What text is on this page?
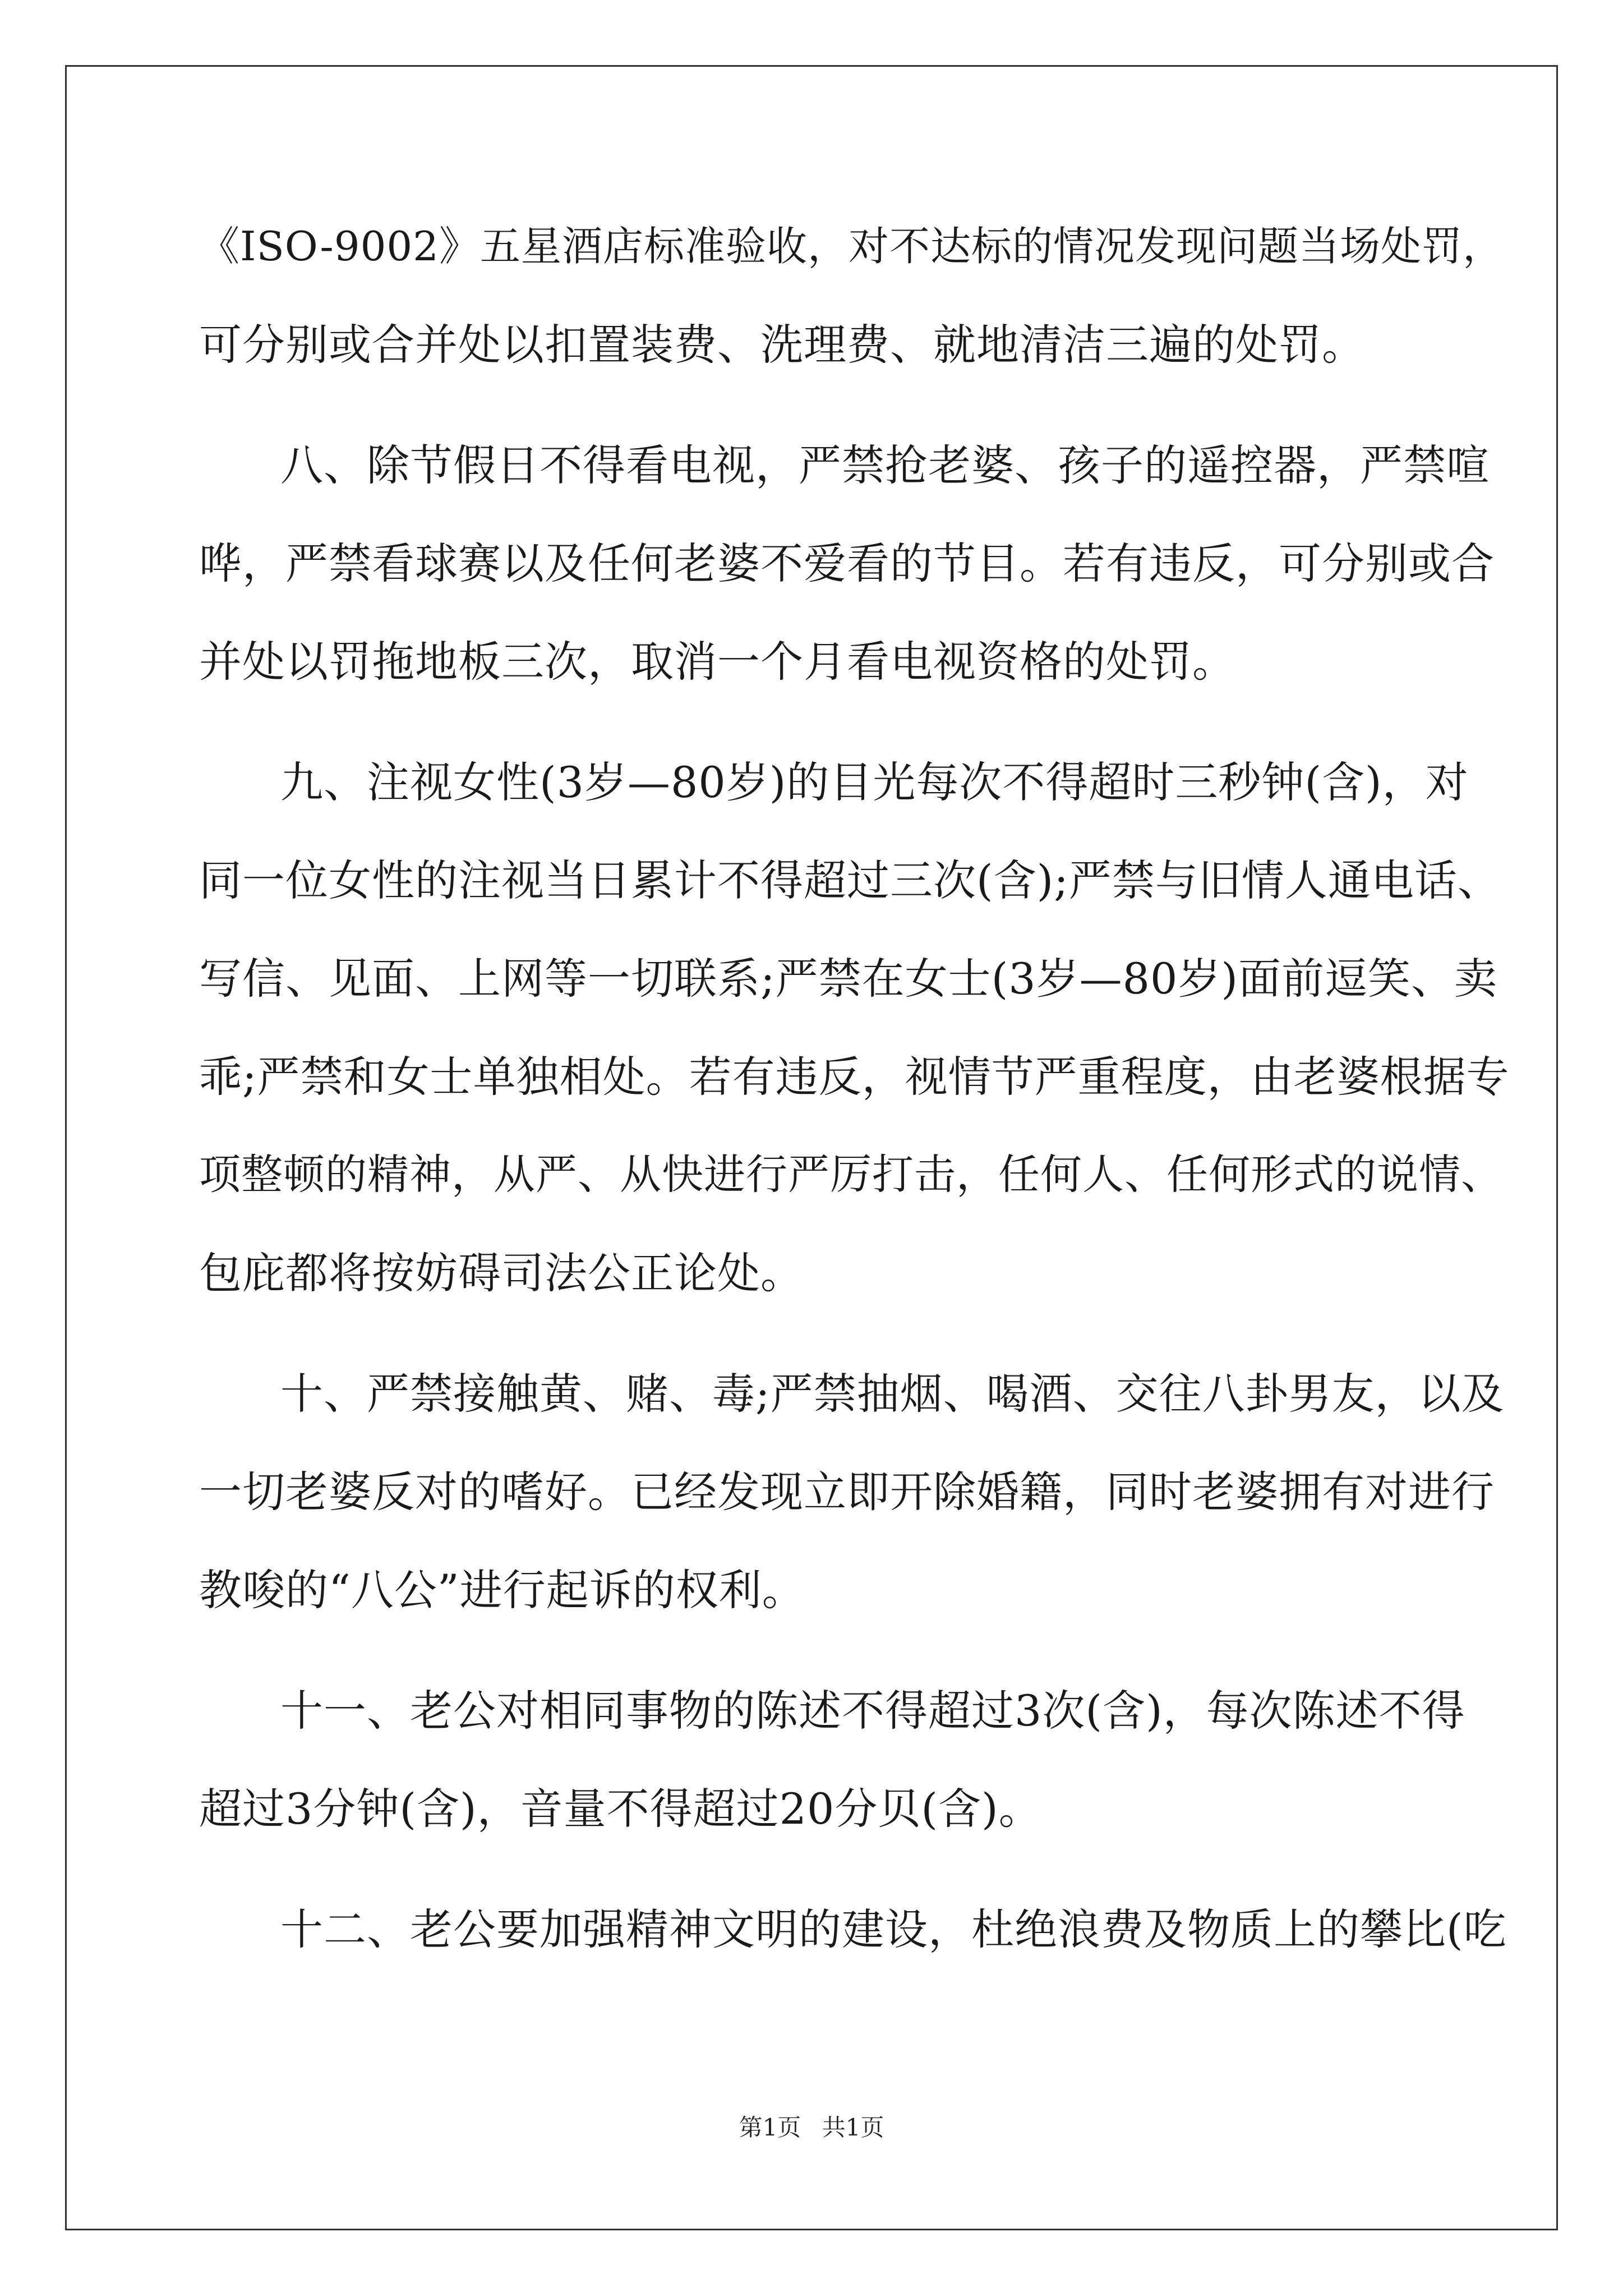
《ISO-9002》五星酒店标准验收，对不达标的情况发现问题当场处罚，
可分别或合并处以扣置装费、洗理费、就地清洁三遍的处罚。
八、除节假日不得看电视，严禁抢老婆、孩子的遥控器，严禁喧
哗，严禁看球赛以及任何老婆不爱看的节目。若有违反，可分别或合
并处以罚拖地板三次，取消一个月看电视资格的处罚。
九、注视女性(3岁—80岁)的目光每次不得超时三秒钟(含)，对
同一位女性的注视当日累计不得超过三次(含);严禁与旧情人通电话、
写信、见面、上网等一切联系;严禁在女士(3岁—80岁)面前逗笑、卖
乖;严禁和女士单独相处。若有违反，视情节严重程度，由老婆根据专
项整顿的精神，从严、从快进行严厉打击，任何人、任何形式的说情、
包庇都将按妨碍司法公正论处。
十、严禁接触黄、赌、毒;严禁抽烟、喝酒、交往八卦男友，以及
一切老婆反对的嗜好。已经发现立即开除婚籍，同时老婆拥有对进行
教唆的“八公”进行起诉的权利。
十一、老公对相同事物的陈述不得超过3次(含)，每次陈述不得
超过3分钟(含)，音量不得超过20分贝(含)。
十二、老公要加强精神文明的建设，杜绝浪费及物质上的攀比(吃
第1页 共1页
